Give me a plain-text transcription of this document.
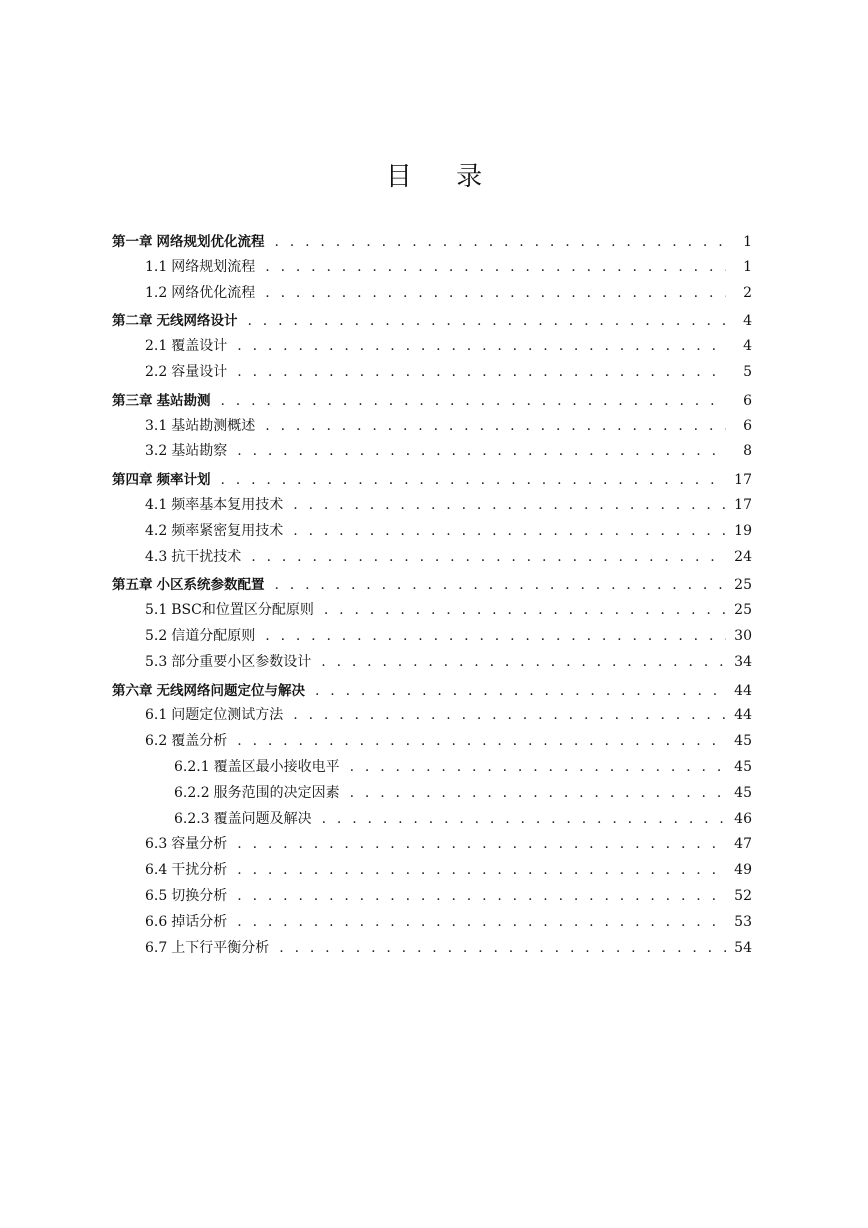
目 录
第一章 网络规划优化流程 . . .	1
1.1 网络规划流程 . . .	1
1.2 网络优化流程 . . .	2
第二章 无线网络设计 . . .	4
2.1 覆盖设计 . . .	4
2.2 容量设计 . . .	5
第三章 基站勘测 . . .	6
3.1 基站勘测概述 . . .	6
3.2 基站勘察 . . .	8
第四章 频率计划 . . .	17
4.1 频率基本复用技术 . . .	17
4.2 频率紧密复用技术 . . .	19
4.3 抗干扰技术 . . .	24
第五章 小区系统参数配置 . . .	25
5.1 BSC和位置区分配原则 . . .	25
5.2 信道分配原则 . . .	30
5.3 部分重要小区参数设计 . . .	34
第六章 无线网络问题定位与解决 . . .	44
6.1 问题定位测试方法 . . .	44
6.2 覆盖分析 . . .	45
6.2.1 覆盖区最小接收电平 . . .	45
6.2.2 服务范围的决定因素 . . .	45
6.2.3 覆盖问题及解决 . . .	46
6.3 容量分析 . . .	47
6.4 干扰分析 . . .	49
6.5 切换分析 . . .	52
6.6 掉话分析 . . .	53
6.7 上下行平衡分析 . . .	54
